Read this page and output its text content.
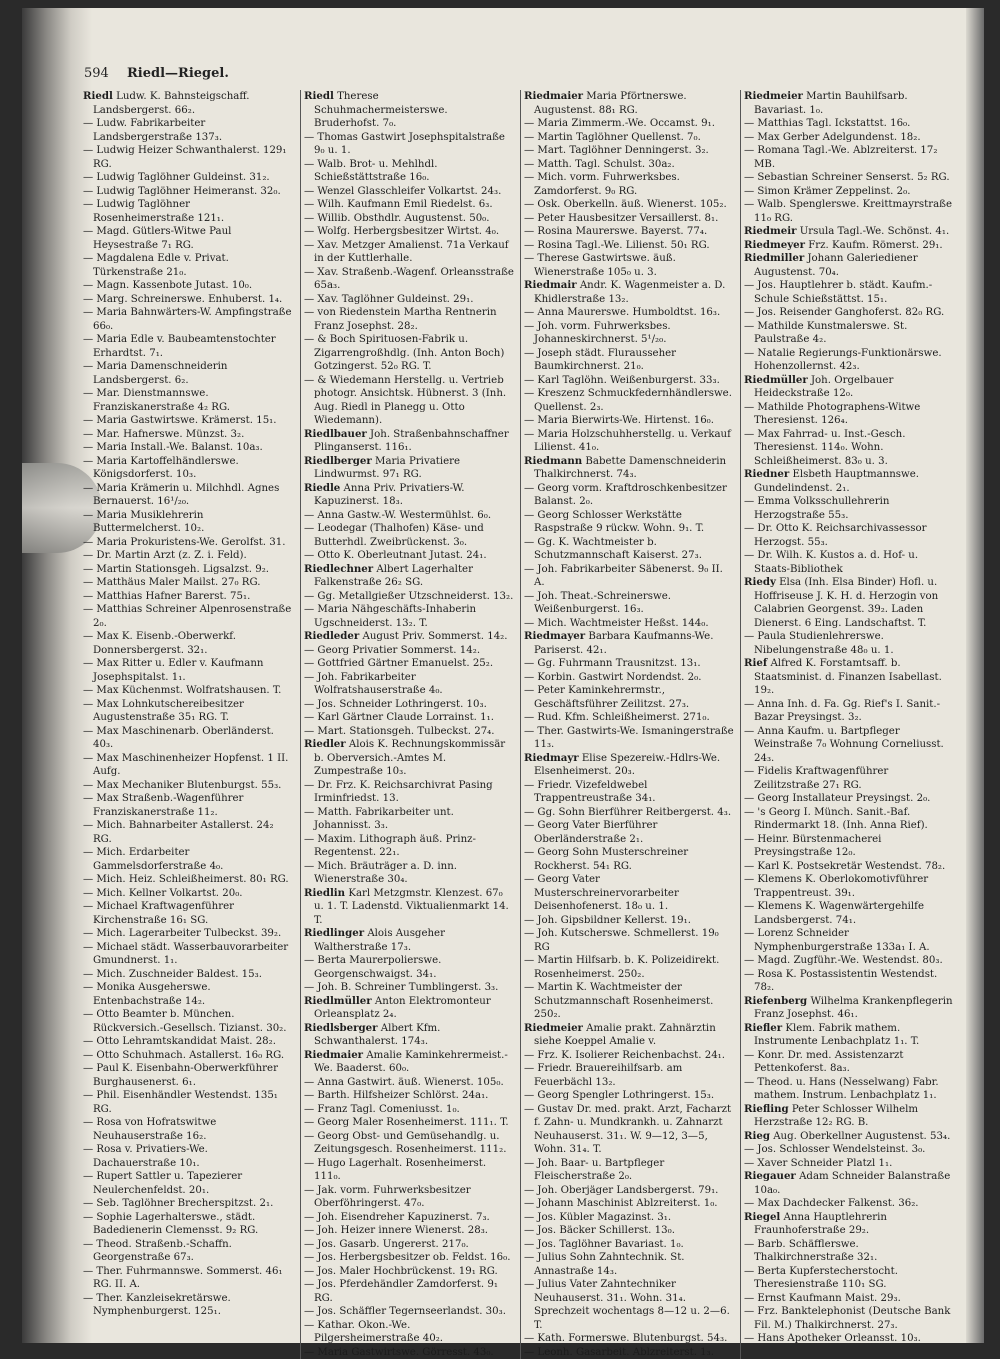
594 Riedl—Riegel.

Riedl Ludw. K. Bahnsteigschaff. Landsbergerst. 66₂.

— Ludw. Fabrikarbeiter Landsbergerstraße 137₃.

— Ludwig Heizer Schwanthalerst. 129₁ RG.

— Ludwig Taglöhner Guldeinst. 31₂.

— Ludwig Taglöhner Heimeranst. 32₀.

— Ludwig Taglöhner Rosenheimerstraße 121₁.

— Magd. Gütlers-Witwe Paul Heysestraße 7₁ RG.

— Magdalena Edle v. Privat. Türkenstraße 21₀.

— Magn. Kassenbote Jutast. 10₀.

— Marg. Schreinerswe. Enhuberst. 1₄.

— Maria Bahnwärters-W. Ampfingstraße 66₀.

— Maria Edle v. Baubeamtenstochter Erhardtst. 7₁.

— Maria Damenschneiderin Landsbergerst. 6₂.

— Mar. Dienstmannswe. Franziskanerstraße 4₂ RG.

— Maria Gastwirtswe. Krämerst. 15₁.

— Mar. Hafnerswe. Münzst. 3₂.

— Maria Install.-We. Balanst. 10a₃.

— Maria Kartoffelhändlerswe. Königsdorferst. 10₃.

— Maria Krämerin u. Milchhdl. Agnes Bernauerst. 16¹/₂₀.

— Maria Musiklehrerin Buttermelcherst. 10₂.

— Maria Prokuristens-We. Gerolfst. 31.

— Dr. Martin Arzt (z. Z. i. Feld).

— Martin Stationsgeh. Ligsalzst. 9₂.

— Matthäus Maler Mailst. 27₀ RG.

— Matthias Hafner Barerst. 75₁.

— Matthias Schreiner Alpenrosenstraße 2₀.

— Max K. Eisenb.-Oberwerkf. Donnersbergerst. 32₁.

— Max Ritter u. Edler v. Kaufmann Josephspitalst. 1₁.

— Max Küchenmst. Wolfratshausen. T.

— Max Lohnkutschereibesitzer Augustenstraße 35₁ RG. T.

— Max Maschinenarb. Oberländerst. 40₃.

— Max Maschinenheizer Hopfenst. 1 II. Aufg.

— Max Mechaniker Blutenburgst. 55₃.

— Max Straßenb.-Wagenführer Franziskanerstraße 11₂.

— Mich. Bahnarbeiter Astallerst. 24₂ RG.

— Mich. Erdarbeiter Gammelsdorferstraße 4₀.

— Mich. Heiz. Schleißheimerst. 80₁ RG.

— Mich. Kellner Volkartst. 20₀.

— Michael Kraftwagenführer Kirchenstraße 16₁ SG.

— Mich. Lagerarbeiter Tulbeckst. 39₂.

— Michael städt. Wasserbauvorarbeiter Gmundnerst. 1₁.

— Mich. Zuschneider Baldest. 15₃.

— Monika Ausgeherswe. Entenbachstraße 14₂.

— Otto Beamter b. München. Rückversich.-Gesellsch. Tizianst. 30₂.

— Otto Lehramtskandidat Maist. 28₂.

— Otto Schuhmach. Astallerst. 16₀ RG.

— Paul K. Eisenbahn-Oberwerkführer Burghausenerst. 6₁.

— Phil. Eisenhändler Westendst. 135₁ RG.

— Rosa von Hofratswitwe Neuhauserstraße 16₂.

— Rosa v. Privatiers-We. Dachauerstraße 10₁.

— Rupert Sattler u. Tapezierer Neulerchenfeldst. 20₁.

— Seb. Taglöhner Brecherspitzst. 2₁.

— Sophie Lagerhalterswe., städt. Badedienerin Clemensst. 9₂ RG.

— Theod. Straßenb.-Schaffn. Georgenstraße 67₃.

— Ther. Fuhrmannswe. Sommerst. 46₁ RG. II. A.

— Ther. Kanzleisekretärswe. Nymphenburgerst. 125₁.

Riedl Therese Schuhmachermeisterswe. Bruderhofst. 7₀.

— Thomas Gastwirt Josephspitalstraße 9₀ u. 1.

— Walb. Brot- u. Mehlhdl. Schießstättstraße 16₀.

— Wenzel Glasschleifer Volkartst. 24₃.

— Wilh. Kaufmann Emil Riedelst. 6₃.

— Willib. Obsthdlr. Augustenst. 50₀.

— Wolfg. Herbergsbesitzer Wirtst. 4₀.

— Xav. Metzger Amalienst. 71a Verkauf in der Kuttlerhalle.

— Xav. Straßenb.-Wagenf. Orleansstraße 65a₃.

— Xav. Taglöhner Guldeinst. 29₁.

— von Riedenstein Martha Rentnerin Franz Josephst. 28₂.

— & Boch Spirituosen-Fabrik u. Zigarrengroßhdlg. (Inh. Anton Boch) Gotzingerst. 52₀ RG. T.

— & Wiedemann Herstellg. u. Vertrieb photogr. Ansichtsk. Hübnerst. 3 (Inh. Aug. Riedl in Planegg u. Otto Wiedemann).

Riedlbauer Joh. Straßenbahnschaffner Plinganserst. 116₁.

Riedlberger Maria Privatiere Lindwurmst. 97₁ RG.

Riedle Anna Priv. Privatiers-W. Kapuzinerst. 18₃.

— Anna Gastw.-W. Westermühlst. 6₀.

— Leodegar (Thalhofen) Käse- und Butterhdl. Zweibrückenst. 3₀.

— Otto K. Oberleutnant Jutast. 24₁.

Riedlechner Albert Lagerhalter Falkenstraße 26₂ SG.

— Gg. Metallgießer Utzschneiderst. 13₂.

— Maria Nähgeschäfts-Inhaberin Ugschneiderst. 13₂. T.

Riedleder August Priv. Sommerst. 14₂.

— Georg Privatier Sommerst. 14₂.

— Gottfried Gärtner Emanuelst. 25₂.

— Joh. Fabrikarbeiter Wolfratshauserstraße 4₀.

— Jos. Schneider Lothringerst. 10₃.

— Karl Gärtner Claude Lorrainst. 1₁.

— Mart. Stationsgeh. Tulbeckst. 27₄.

Riedler Alois K. Rechnungskommissär b. Oberversich.-Amtes M. Zumpestraße 10₃.

— Dr. Frz. K. Reichsarchivrat Pasing Irminfriedst. 13.

— Matth. Fabrikarbeiter unt. Johannisst. 3₃.

— Maxim. Lithograph äuß. Prinz-Regentenst. 22₁.

— Mich. Bräuträger a. D. inn. Wienerstraße 30₄.

Riedlin Karl Metzgmstr. Klenzest. 67₀ u. 1. T. Ladenstd. Viktualienmarkt 14. T.

Riedlinger Alois Ausgeher Waltherstraße 17₃.

— Berta Maurerpolierswe. Georgenschwaigst. 34₁.

— Joh. B. Schreiner Tumblingerst. 3₃.

Riedlmüller Anton Elektromonteur Orleansplatz 2₄.

Riedlsberger Albert Kfm. Schwanthalerst. 174₃.

Riedmaier Amalie Kaminkehrermeist.-We. Baaderst. 60₀.

— Anna Gastwirt. äuß. Wienerst. 105₀.

— Barth. Hilfsheizer Schlörst. 24a₁.

— Franz Tagl. Comeniusst. 1₀.

— Georg Maler Rosenheimerst. 111₁. T.

— Georg Obst- und Gemüsehandlg. u. Zeitungsgesch. Rosenheimerst. 111₂.

— Hugo Lagerhalt. Rosenheimerst. 111₀.

— Jak. vorm. Fuhrwerksbesitzer Oberföhringerst. 47₀.

— Joh. Eisendreher Kapuzinerst. 7₃.

— Joh. Heizer innere Wienerst. 28₃.

— Jos. Gasarb. Ungererst. 217₀.

— Jos. Herbergsbesitzer ob. Feldst. 16₀.

— Jos. Maler Hochbrückenst. 19₁ RG.

— Jos. Pferdehändler Zamdorferst. 9₁ RG.

— Jos. Schäffler Tegernseerlandst. 30₃.

— Kathar. Okon.-We. Pilgersheimerstraße 40₂.

— Maria Gastwirtswe. Görresst. 43₀.

Riedmaier Maria Pförtnerswe. Augustenst. 88₁ RG.

— Maria Zimmerm.-We. Occamst. 9₁.

— Martin Taglöhner Quellenst. 7₀.

— Mart. Taglöhner Denningerst. 3₂.

— Matth. Tagl. Schulst. 30a₂.

— Mich. vorm. Fuhrwerksbes. Zamdorferst. 9₀ RG.

— Osk. Oberkelln. äuß. Wienerst. 105₂.

— Peter Hausbesitzer Versaillerst. 8₁.

— Rosina Maurerswe. Bayerst. 77₄.

— Rosina Tagl.-We. Lilienst. 50₁ RG.

— Therese Gastwirtswe. äuß. Wienerstraße 105₀ u. 3.

Riedmair Andr. K. Wagenmeister a. D. Khidlerstraße 13₂.

— Anna Maurerswe. Humboldtst. 16₃.

— Joh. vorm. Fuhrwerksbes. Johanneskirchnerst. 5¹/₂₀.

— Joseph städt. Flurausseher Baumkirchnerst. 21₀.

— Karl Taglöhn. Weißenburgerst. 33₃.

— Kreszenz Schmuckfedernhändlerswe. Quellenst. 2₃.

— Maria Bierwirts-We. Hirtenst. 16₀.

— Maria Holzschuhherstellg. u. Verkauf Lilienst. 41₀.

Riedmann Babette Damenschneiderin Thalkirchnerst. 74₃.

— Georg vorm. Kraftdroschkenbesitzer Balanst. 2₀.

— Georg Schlosser Werkstätte Raspstraße 9 rückw. Wohn. 9₁. T.

— Gg. K. Wachtmeister b. Schutzmannschaft Kaiserst. 27₃.

— Joh. Fabrikarbeiter Säbenerst. 9₀ II. A.

— Joh. Theat.-Schreinerswe. Weißenburgerst. 16₃.

— Mich. Wachtmeister Heßst. 144₀.

Riedmayer Barbara Kaufmanns-We. Pariserst. 42₁.

— Gg. Fuhrmann Trausnitzst. 13₁.

— Korbin. Gastwirt Nordendst. 2₀.

— Peter Kaminkehrermstr., Geschäftsführer Zeilitzst. 27₃.

— Rud. Kfm. Schleißheimerst. 271₀.

— Ther. Gastwirts-We. Ismaningerstraße 11₃.

Riedmayr Elise Spezereiw.-Hdlrs-We. Elsenheimerst. 20₃.

— Friedr. Vizefeldwebel Trappentreustraße 34₁.

— Gg. Sohn Bierführer Reitbergerst. 4₃.

— Georg Vater Bierführer Oberländerstraße 2₁.

— Georg Sohn Musterschreiner Rockherst. 54₁ RG.

— Georg Vater Musterschreinervorarbeiter Deisenhofenerst. 18₀ u. 1.

— Joh. Gipsbildner Kellerst. 19₁.

— Joh. Kutscherswe. Schmellerst. 19₀ RG

— Martin Hilfsarb. b. K. Polizeidirekt. Rosenheimerst. 250₂.

— Martin K. Wachtmeister der Schutzmannschaft Rosenheimerst. 250₂.

Riedmeier Amalie prakt. Zahnärztin siehe Koeppel Amalie v.

— Frz. K. Isolierer Reichenbachst. 24₁.

— Friedr. Brauereihilfsarb. am Feuerbächl 13₂.

— Georg Spengler Lothringerst. 15₃.

— Gustav Dr. med. prakt. Arzt, Facharzt f. Zahn- u. Mundkrankh. u. Zahnarzt Neuhauserst. 31₁. W. 9—12, 3—5, Wohn. 31₄. T.

— Joh. Baar- u. Bartpfleger Fleischerstraße 2₀.

— Joh. Oberjäger Landsbergerst. 79₁.

— Johann Maschinist Ablzreiterst. 1₀.

— Jos. Kübler Magazinst. 3₁.

— Jos. Bäcker Schillerst. 13₀.

— Jos. Taglöhner Bavariast. 1₀.

— Julius Sohn Zahntechnik. St. Annastraße 14₃.

— Julius Vater Zahntechniker Neuhauserst. 31₁. Wohn. 31₄. Sprechzeit wochentags 8—12 u. 2—6. T.

— Kath. Formerswe. Blutenburgst. 54₃.

— Leonh. Gasarbeit. Ablzreiterst. 1₃.

Riedmeier Martin Bauhilfsarb. Bavariast. 1₀.

— Matthias Tagl. Ickstattst. 16₀.

— Max Gerber Adelgundenst. 18₂.

— Romana Tagl.-We. Ablzreiterst. 17₂ MB.

— Sebastian Schreiner Senserst. 5₂ RG.

— Simon Krämer Zeppelinst. 2₀.

— Walb. Spenglerswe. Kreittmayrstraße 11₀ RG.

Riedmeir Ursula Tagl.-We. Schönst. 4₁.

Riedmeyer Frz. Kaufm. Römerst. 29₁.

Riedmiller Johann Galeriediener Augustenst. 70₄.

— Jos. Hauptlehrer b. städt. Kaufm.-Schule Schießstättst. 15₁.

— Jos. Reisender Ganghoferst. 82₀ RG.

— Mathilde Kunstmalerswe. St. Paulstraße 4₂.

— Natalie Regierungs-Funktionärswe. Hohenzollernst. 42₃.

Riedmüller Joh. Orgelbauer Heideckstraße 12₀.

— Mathilde Photographens-Witwe Theresienst. 126₄.

— Max Fahrrad- u. Inst.-Gesch. Theresienst. 114₀. Wohn. Schleißheimerst. 83₀ u. 3.

Riedner Elsbeth Hauptmannswe. Gundelindenst. 2₁.

— Emma Volksschullehrerin Herzogstraße 55₃.

— Dr. Otto K. Reichsarchivassessor Herzogst. 55₃.

— Dr. Wilh. K. Kustos a. d. Hof- u. Staats-Bibliothek

Riedy Elsa (Inh. Elsa Binder) Hofl. u. Hoffriseuse J. K. H. d. Herzogin von Calabrien Georgenst. 39₂. Laden Dienerst. 6 Eing. Landschaftst. T.

— Paula Studienlehrerswe. Nibelungenstraße 48₀ u. 1.

Rief Alfred K. Forstamtsaff. b. Staatsminist. d. Finanzen Isabellast. 19₂.

— Anna Inh. d. Fa. Gg. Rief's I. Sanit.-Bazar Preysingst. 3₂.

— Anna Kaufm. u. Bartpfleger Weinstraße 7₀ Wohnung Corneliusst. 24₃.

— Fidelis Kraftwagenführer Zeilitzstraße 27₁ RG.

— Georg Installateur Preysingst. 2₀.

— 's Georg I. Münch. Sanit.-Baf. Rindermarkt 18. (Inh. Anna Rief).

— Heinr. Bürstenmacherei Preysingstraße 12₀.

— Karl K. Postsekretär Westendst. 78₂.

— Klemens K. Oberlokomotivführer Trappentreust. 39₁.

— Klemens K. Wagenwärtergehilfe Landsbergerst. 74₁.

— Lorenz Schneider Nymphenburgerstraße 133a₁ I. A.

— Magd. Zugführ.-We. Westendst. 80₃.

— Rosa K. Postassistentin Westendst. 78₂.

Riefenberg Wilhelma Krankenpflegerin Franz Josephst. 46₁.

Riefler Klem. Fabrik mathem. Instrumente Lenbachplatz 1₁. T.

— Konr. Dr. med. Assistenzarzt Pettenkoferst. 8a₃.

— Theod. u. Hans (Nesselwang) Fabr. mathem. Instrum. Lenbachplatz 1₁.

Riefling Peter Schlosser Wilhelm Herzstraße 12₂ RG. B.

Rieg Aug. Oberkellner Augustenst. 53₄.

— Jos. Schlosser Wendelsteinst. 3₀.

— Xaver Schneider Platzl 1₁.

Riegauer Adam Schneider Balanstraße 10a₀.

— Max Dachdecker Falkenst. 36₂.

Riegel Anna Hauptlehrerin Fraunhoferstraße 29₂.

— Barb. Schäfflerswe. Thalkirchnerstraße 32₁.

— Berta Kupferstecherstocht. Theresienstraße 110₁ SG.

— Ernst Kaufmann Maist. 29₃.

— Frz. Banktelephonist (Deutsche Bank Fil. M.) Thalkirchnerst. 27₃.

— Hans Apotheker Orleansst. 10₃.
